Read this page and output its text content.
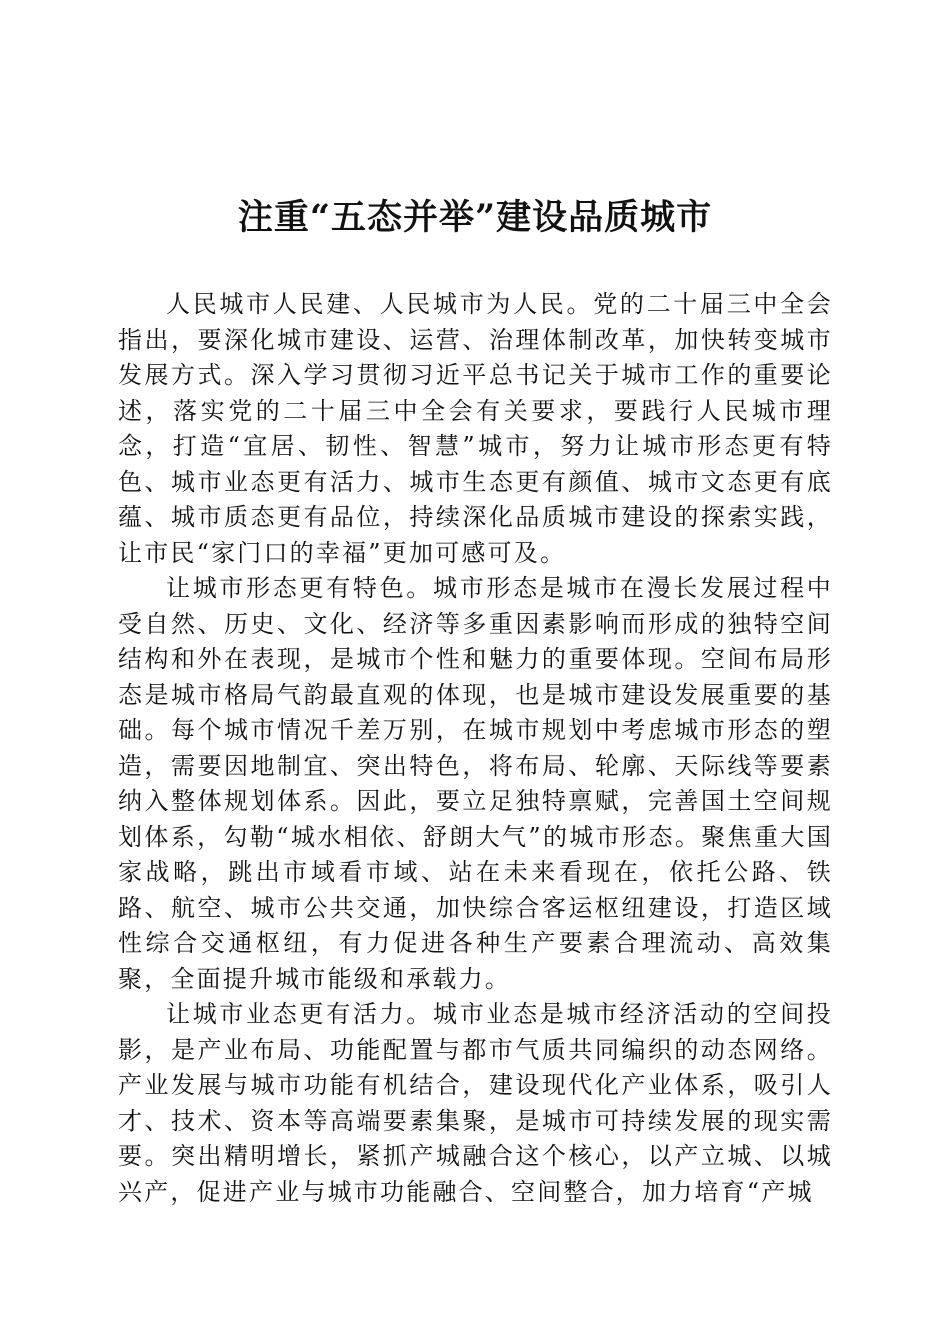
注重“五态并举”建设品质城市

人民城市人民建、人民城市为人民。党的二十届三中全会指出，要深化城市建设、运营、治理体制改革，加快转变城市发展方式。深入学习贯彻习近平总书记关于城市工作的重要论述，落实党的二十届三中全会有关要求，要践行人民城市理念，打造“宜居、韧性、智慧”城市，努力让城市形态更有特色、城市业态更有活力、城市生态更有颜值、城市文态更有底蕴、城市质态更有品位，持续深化品质城市建设的探索实践，让市民“家门口的幸福”更加可感可及。

让城市形态更有特色。城市形态是城市在漫长发展过程中受自然、历史、文化、经济等多重因素影响而形成的独特空间结构和外在表现，是城市个性和魅力的重要体现。空间布局形态是城市格局气韵最直观的体现，也是城市建设发展重要的基础。每个城市情况千差万别，在城市规划中考虑城市形态的塑造，需要因地制宜、突出特色，将布局、轮廓、天际线等要素纳入整体规划体系。因此，要立足独特禀赋，完善国土空间规划体系，勾勒“城水相依、舒朗大气”的城市形态。聚焦重大国家战略，跳出市域看市域、站在未来看现在，依托公路、铁路、航空、城市公共交通，加快综合客运枢纽建设，打造区域性综合交通枢纽，有力促进各种生产要素合理流动、高效集聚，全面提升城市能级和承载力。

让城市业态更有活力。城市业态是城市经济活动的空间投影，是产业布局、功能配置与都市气质共同编织的动态网络。产业发展与城市功能有机结合，建设现代化产业体系，吸引人才、技术、资本等高端要素集聚，是城市可持续发展的现实需要。突出精明增长，紧抓产城融合这个核心，以产立城、以城兴产，促进产业与城市功能融合、空间整合，加力培育“产城
